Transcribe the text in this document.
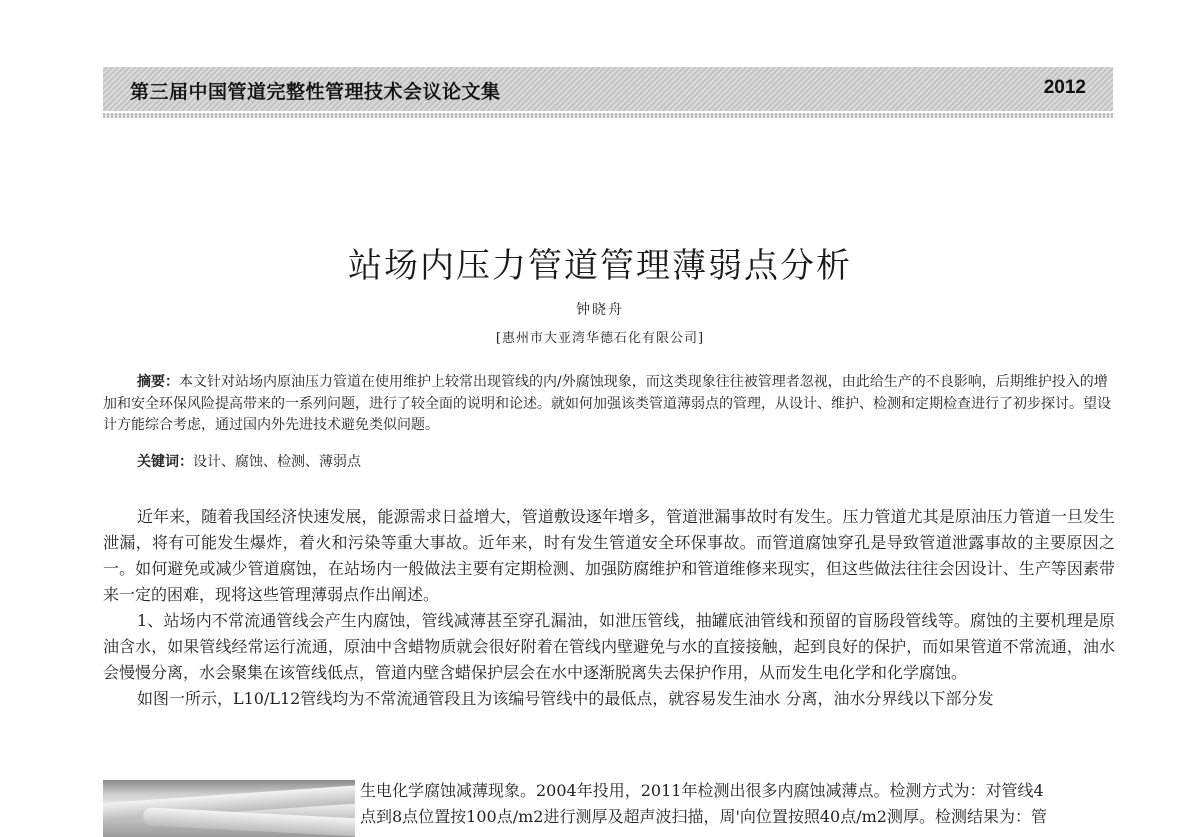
第三届中国管道完整性管理技术会议论文集	2012
站场内压力管道管理薄弱点分析
钟晓舟
[惠州市大亚湾华德石化有限公司]
摘要：本文针对站场内原油压力管道在使用维护上较常出现管线的内/外腐蚀现象，而这类现象往往被管理者忽视，由此给生产的不良影响，后期维护投入的增加和安全环保风险提高带来的一系列问题，进行了较全面的说明和论述。就如何加强该类管道薄弱点的管理，从设计、维护、检测和定期检查进行了初步探讨。望设计方能综合考虑，通过国内外先进技术避免类似问题。
关键词：设计、腐蚀、检测、薄弱点

近年来，随着我国经济快速发展，能源需求日益增大，管道敷设逐年增多，管道泄漏事故时有发生。压力管道尤其是原油压力管道一旦发生泄漏，将有可能发生爆炸，着火和污染等重大事故。近年来，时有发生管道安全环保事故。而管道腐蚀穿孔是导致管道泄露事故的主要原因之一。如何避免或减少管道腐蚀，在站场内一般做法主要有定期检测、加强防腐维护和管道维修来现实，但这些做法往往会因设计、生产等因素带来一定的困难，现将这些管理薄弱点作出阐述。

1、站场内不常流通管线会产生内腐蚀，管线减薄甚至穿孔漏油，如泄压管线，抽罐底油管线和预留的盲肠段管线等。腐蚀的主要机理是原油含水，如果管线经常运行流通，原油中含蜡物质就会很好附着在管线内壁避免与水的直接接触，起到良好的保护，而如果管道不常流通，油水会慢慢分离，水会聚集在该管线低点，管道内壁含蜡保护层会在水中逐渐脱离失去保护作用，从而发生电化学和化学腐蚀。

如图一所示，L10/L12管线均为不常流通管段且为该编号管线中的最低点，就容易发生油水 分离，油水分界线以下部分发

生电化学腐蚀减薄现象。2004年投用，2011年检测出很多内腐蚀减薄点。检测方式为：对管线4
点到8点位置按100点/m2进行测厚及超声波扫描，周'向位置按照40点/m2测厚。检测结果为：管
